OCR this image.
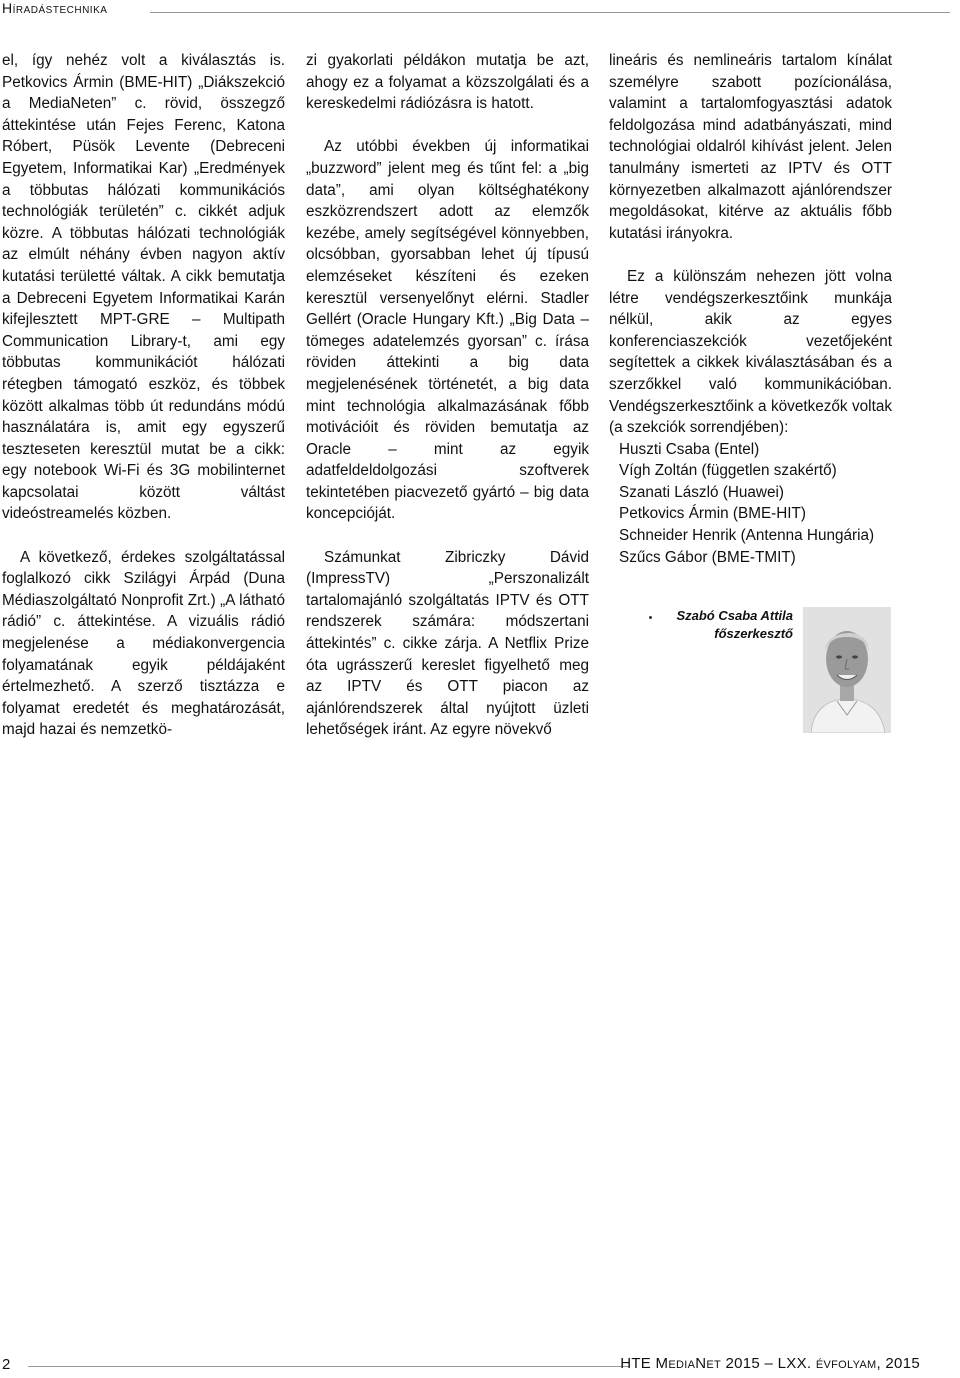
Híradástechnika

el, így nehéz volt a kiválasztás is. Petkovics Ármin (BME-HIT) „Diákszekció a MediaNeten” c. rövid, összegző áttekintése után Fejes Ferenc, Katona Róbert, Püsök Levente (Debreceni Egyetem, Informatikai Kar) „Eredmények a többutas hálózati kommunikációs technológiák területén” c. cikkét adjuk közre. A többutas hálózati technológiák az elmúlt néhány évben nagyon aktív kutatási területté váltak. A cikk bemutatja a Debreceni Egyetem Informatikai Karán kifejlesztett MPT-GRE – Multipath Communication Library-t, ami egy többutas kommunikációt hálózati rétegben támogató eszköz, és többek között alkalmas több út redundáns módú használatára is, amit egy egyszerű teszteseten keresztül mutat be a cikk: egy notebook Wi-Fi és 3G mobilinternet kapcsolatai között váltást videóstreamelés közben.

A következő, érdekes szolgáltatással foglalkozó cikk Szilágyi Árpád (Duna Médiaszolgáltató Nonprofit Zrt.) „A látható rádió” c. áttekintése. A vizuális rádió megjelenése a médiakonvergencia folyamatának egyik példájaként értelmezhető. A szerző tisztázza e folyamat eredetét és meghatározását, majd hazai és nemzetkö-

zi gyakorlati példákon mutatja be azt, ahogy ez a folyamat a közszolgálati és a kereskedelmi rádiózásra is hatott.

Az utóbbi években új informatikai „buzzword” jelent meg és tűnt fel: a „big data”, ami olyan költséghatékony eszközrendszert adott az elemzők kezébe, amely segítségével könnyebben, olcsóbban, gyorsabban lehet új típusú elemzéseket készíteni és ezeken keresztül versenyelőnyt elérni. Stadler Gellért (Oracle Hungary Kft.) „Big Data – tömeges adatelemzés gyorsan” c. írása röviden áttekinti a big data megjelenésének történetét, a big data mint technológia alkalmazásának főbb motivációit és röviden bemutatja az Oracle – mint az egyik adatfeldeldolgozási szoftverek tekintetében piacvezető gyártó – big data koncepcióját.

Számunkat Zibriczky Dávid (ImpressTV) „Perszonalizált tartalomajánló szolgáltatás IPTV és OTT rendszerek számára: módszertani áttekintés” c. cikke zárja. A Netflix Prize óta ugrásszerű kereslet figyelhető meg az IPTV és OTT piacon az ajánlórendszerek által nyújtott üzleti lehetőségek iránt. Az egyre növekvő

lineáris és nemlineáris tartalom kínálat személyre szabott pozícionálása, valamint a tartalomfogyasztási adatok feldolgozása mind adatbányászati, mind technológiai oldalról kihívást jelent. Jelen tanulmány ismerteti az IPTV és OTT környezetben alkalmazott ajánlórendszer megoldásokat, kitérve az aktuális főbb kutatási irányokra.

Ez a különszám nehezen jött volna létre vendégszerkesztőink munkája nélkül, akik az egyes konferenciaszekciók vezetőjeként segítettek a cikkek kiválasztásában és a szerzőkkel való kommunikációban. Vendégszerkesztőink a következők voltak (a szekciók sorrendjében):

Huszti Csaba (Entel)
Vígh Zoltán (független szakértő)
Szanati László (Huawei)
Petkovics Ármin (BME-HIT)
Schneider Henrik (Antenna Hungária)
Szűcs Gábor (BME-TMIT)
Szabó Csaba Attila
főszerkesztő
2	HTE MediaNet 2015 – LXX. évfolyam, 2015
